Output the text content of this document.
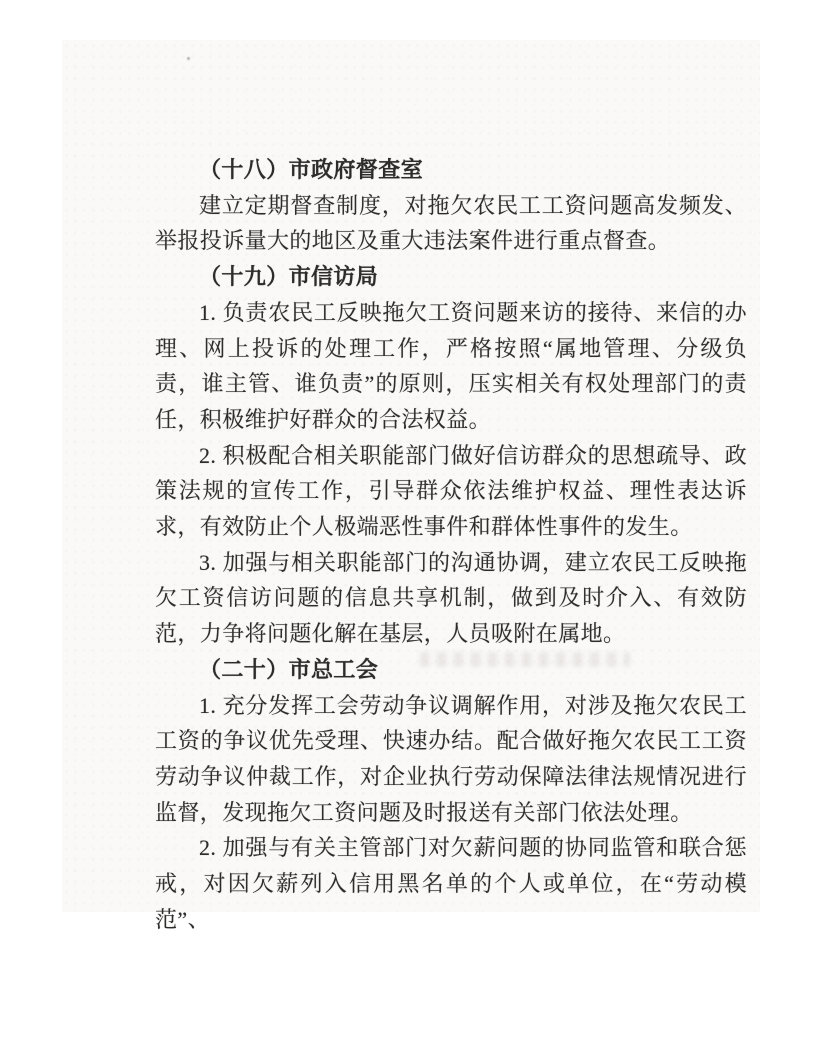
（十八）市政府督查室

建立定期督查制度，对拖欠农民工工资问题高发频发、举报投诉量大的地区及重大违法案件进行重点督查。

（十九）市信访局

1. 负责农民工反映拖欠工资问题来访的接待、来信的办理、网上投诉的处理工作，严格按照“属地管理、分级负责，谁主管、谁负责”的原则，压实相关有权处理部门的责任，积极维护好群众的合法权益。

2. 积极配合相关职能部门做好信访群众的思想疏导、政策法规的宣传工作，引导群众依法维护权益、理性表达诉求，有效防止个人极端恶性事件和群体性事件的发生。

3. 加强与相关职能部门的沟通协调，建立农民工反映拖欠工资信访问题的信息共享机制，做到及时介入、有效防范，力争将问题化解在基层，人员吸附在属地。

（二十）市总工会

1. 充分发挥工会劳动争议调解作用，对涉及拖欠农民工工资的争议优先受理、快速办结。配合做好拖欠农民工工资劳动争议仲裁工作，对企业执行劳动保障法律法规情况进行监督，发现拖欠工资问题及时报送有关部门依法处理。

2. 加强与有关主管部门对欠薪问题的协同监管和联合惩戒，对因欠薪列入信用黑名单的个人或单位，在“劳动模范”、
